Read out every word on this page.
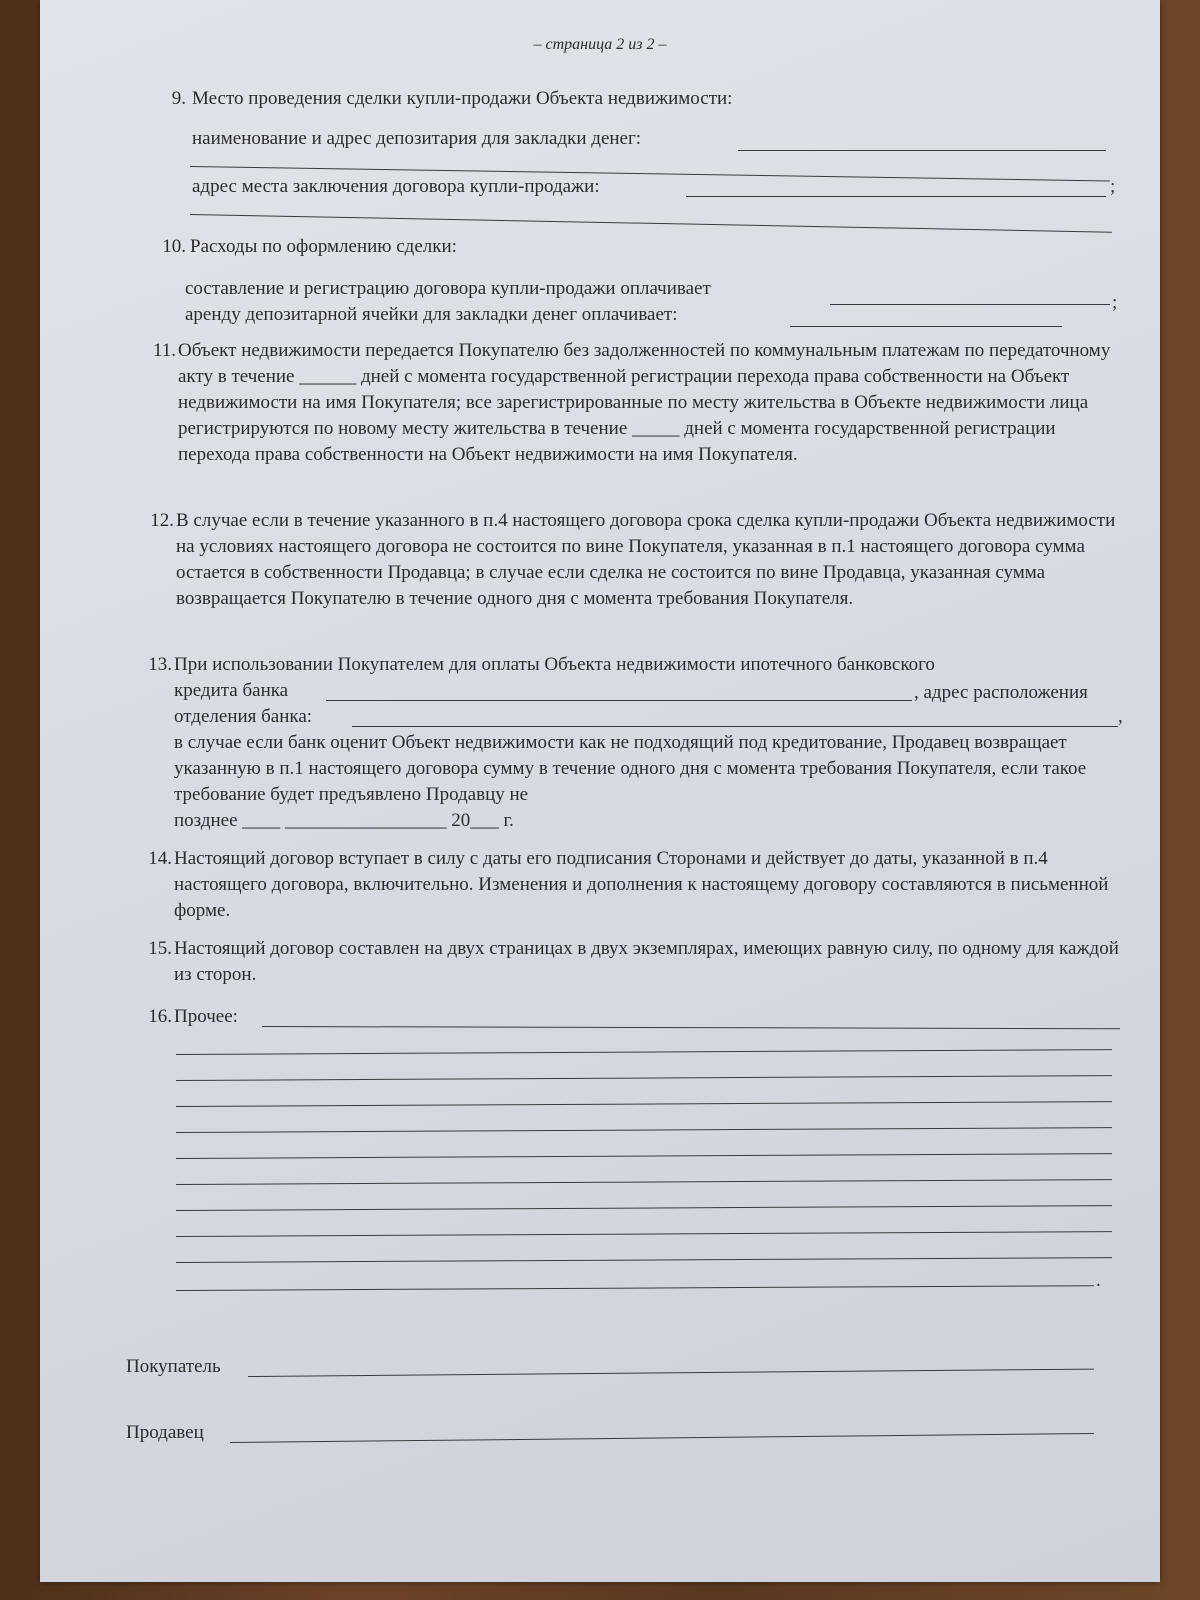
– страница 2 из 2 –
9. Место проведения сделки купли-продажи Объекта недвижимости:
наименование и адрес депозитария для закладки денег:
адрес места заключения договора купли-продажи:	;
10. Расходы по оформлению сделки:
составление и регистрацию договора купли-продажи оплачивает
;
аренду депозитарной ячейки для закладки денег оплачивает:
11. Объект недвижимости передается Покупателю без задолженностей по коммунальным платежам по передаточному акту в течение ______ дней с момента государственной регистрации перехода права собственности на Объект недвижимости на имя Покупателя; все зарегистрированные по месту жительства в Объекте недвижимости лица регистрируются по новому месту жительства в течение _____ дней с момента государственной регистрации перехода права собственности на Объект недвижимости на имя Покупателя.
12. В случае если в течение указанного в п.4 настоящего договора срока сделка купли-продажи Объекта недвижимости на условиях настоящего договора не состоится по вине Покупателя, указанная в п.1 настоящего договора сумма остается в собственности Продавца; в случае если сделка не состоится по вине Продавца, указанная сумма возвращается Покупателю в течение одного дня с момента требования Покупателя.
13. При использовании Покупателем для оплаты Объекта недвижимости ипотечного банковского
кредита банка	, адрес расположения
отделения банка:	,
в случае если банк оценит Объект недвижимости как не подходящий под кредитование, Продавец возвращает указанную в п.1 настоящего договора сумму в течение одного дня с момента требования Покупателя, если такое требование будет предъявлено Продавцу не
позднее ____ _________________ 20___ г.
14. Настоящий договор вступает в силу с даты его подписания Сторонами и действует до даты, указанной в п.4 настоящего договора, включительно. Изменения и дополнения к настоящему договору составляются в письменной форме.
15. Настоящий договор составлен на двух страницах в двух экземплярах, имеющих равную силу, по одному для каждой из сторон.
16. Прочее:
.
Покупатель
Продавец
